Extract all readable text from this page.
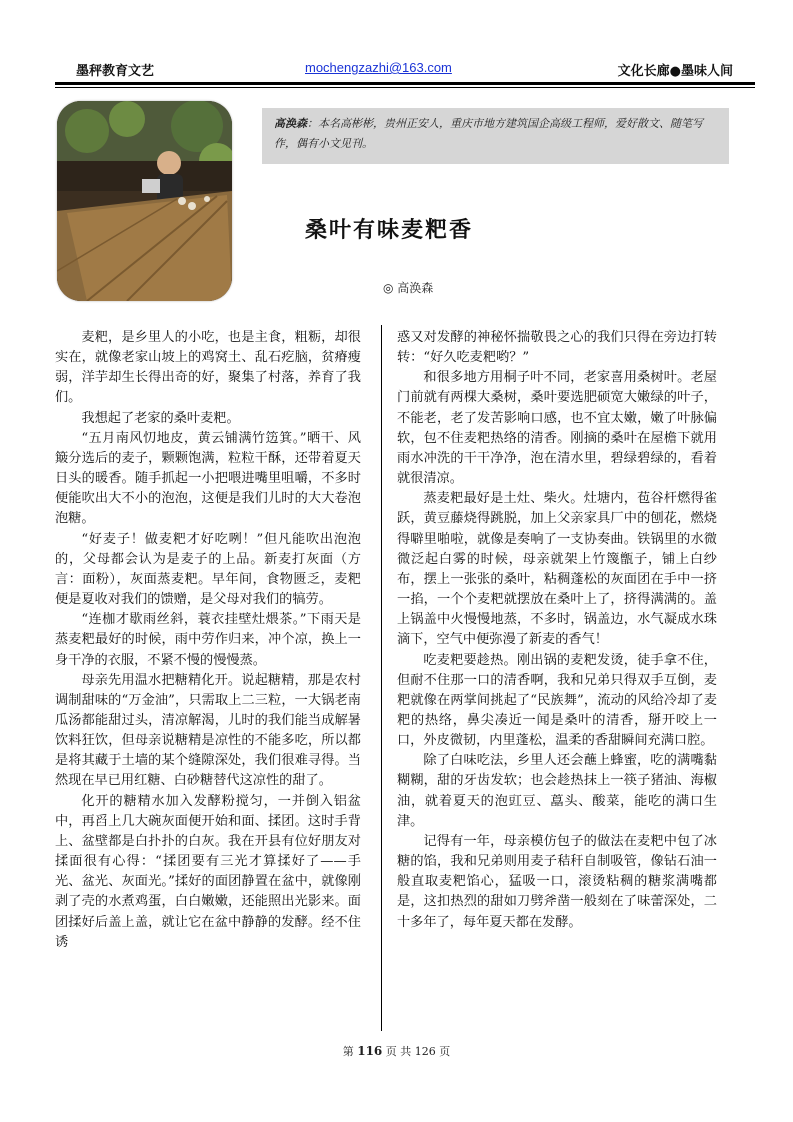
墨秤教育文艺	mochengzazhi@163.com	文化长廊●墨味人间
高涣森：本名高彬彬，贵州正安人，重庆市地方建筑国企高级工程师，爱好散文、随笔写作，偶有小文见刊。
桑叶有味麦粑香
◎ 高涣森

麦粑，是乡里人的小吃，也是主食，粗粝，却很实在，就像老家山坡上的鸡窝土、乱石疙脑，贫瘠瘦弱，洋芋却生长得出奇的好，聚集了村落，养育了我们。

我想起了老家的桑叶麦粑。

“五月南风忉地皮，黄云铺满竹笾箕。”晒干、风簸分选后的麦子，颗颗饱满，粒粒干酥，还带着夏天日头的暖香。随手抓起一小把喂进嘴里咀嚼，不多时便能吹出大不小的泡泡，这便是我们儿时的大大卷泡泡糖。

“好麦子！做麦粑才好吃咧！”但凡能吹出泡泡的，父母都会认为是麦子的上品。新麦打灰面（方言：面粉），灰面蒸麦粑。早年间，食物匮乏，麦粑便是夏收对我们的馈赠，是父母对我们的犒劳。

“连枷才歇雨丝斜，蓑衣挂壁灶煨茶。”下雨天是蒸麦粑最好的时候，雨中劳作归来，冲个凉，换上一身干净的衣服，不紧不慢的慢慢蒸。

母亲先用温水把糖精化开。说起糖精，那是农村调制甜味的“万金油”，只需取上二三粒，一大锅老南瓜汤都能甜过头，清凉解渴，儿时的我们能当成解暑饮料狂饮，但母亲说糖精是凉性的不能多吃，所以都是将其藏于土墙的某个缝隙深处，我们很难寻得。当然现在早已用红糖、白砂糖替代这凉性的甜了。

化开的糖精水加入发酵粉搅匀，一并倒入铝盆中，再舀上几大碗灰面便开始和面、揉团。这时手背上、盆壁都是白扑扑的白灰。我在开县有位好朋友对揉面很有心得：“揉团要有三光才算揉好了——手光、盆光、灰面光。”揉好的面团静置在盆中，就像刚剥了壳的水煮鸡蛋，白白嫩嫩，还能照出光影来。面团揉好后盖上盖，就让它在盆中静静的发酵。经不住诱

惑又对发酵的神秘怀揣敬畏之心的我们只得在旁边打转转：“好久吃麦粑哟？”

和很多地方用桐子叶不同，老家喜用桑树叶。老屋门前就有两棵大桑树，桑叶要选肥硕宽大嫩绿的叶子，不能老，老了发苦影响口感，也不宜太嫩，嫩了叶脉偏软，包不住麦粑热络的清香。刚摘的桑叶在屋檐下就用雨水冲洗的干干净净，泡在清水里，碧绿碧绿的，看着就很清凉。

蒸麦粑最好是土灶、柴火。灶塘内，苞谷杆燃得雀跃，黄豆藤烧得跳脱，加上父亲家具厂中的刨花，燃烧得噼里啪啦，就像是奏响了一支协奏曲。铁锅里的水微微泛起白雾的时候，母亲就架上竹篾甑子，铺上白纱布，摆上一张张的桑叶，粘稠蓬松的灰面团在手中一挤一掐，一个个麦粑就摆放在桑叶上了，挤得满满的。盖上锅盖中火慢慢地蒸，不多时，锅盖边，水气凝成水珠滴下，空气中便弥漫了新麦的香气！

吃麦粑要趁热。刚出锅的麦粑发烫，徒手拿不住，但耐不住那一口的清香啊，我和兄弟只得双手互倒，麦粑就像在两掌间挑起了“民族舞”，流动的风给冷却了麦粑的热络，鼻尖凑近一闻是桑叶的清香，掰开咬上一口，外皮微韧，内里蓬松，温柔的香甜瞬间充满口腔。

除了白味吃法，乡里人还会蘸上蜂蜜，吃的满嘴黏糊糊，甜的牙齿发软；也会趁热抹上一筷子猪油、海椒油，就着夏天的泡豇豆、藠头、酸菜，能吃的满口生津。

记得有一年，母亲模仿包子的做法在麦粑中包了冰糖的馅，我和兄弟则用麦子秸秆自制吸管，像钻石油一般直取麦粑馅心，猛吸一口，滚烫粘稠的糖浆满嘴都是，这扣热烈的甜如刀劈斧凿一般刻在了味蕾深处，二十多年了，每年夏天都在发酵。

第 116 页 共 126 页
